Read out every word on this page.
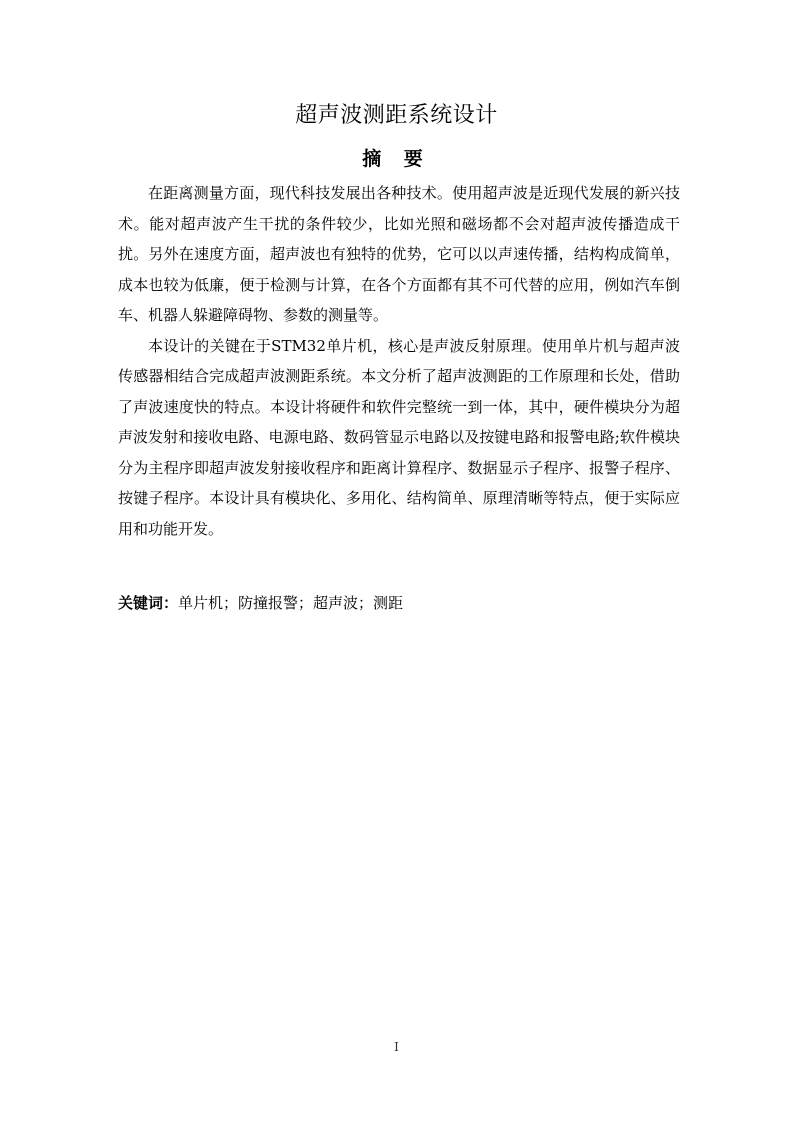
超声波测距系统设计
摘 要

在距离测量方面，现代科技发展出各种技术。使用超声波是近现代发展的新兴技术。能对超声波产生干扰的条件较少，比如光照和磁场都不会对超声波传播造成干扰。另外在速度方面，超声波也有独特的优势，它可以以声速传播，结构构成简单，成本也较为低廉，便于检测与计算，在各个方面都有其不可代替的应用，例如汽车倒车、机器人躲避障碍物、参数的测量等。

本设计的关键在于STM32单片机，核心是声波反射原理。使用单片机与超声波传感器相结合完成超声波测距系统。本文分析了超声波测距的工作原理和长处，借助了声波速度快的特点。本设计将硬件和软件完整统一到一体，其中，硬件模块分为超声波发射和接收电路、电源电路、数码管显示电路以及按键电路和报警电路;软件模块分为主程序即超声波发射接收程序和距离计算程序、数据显示子程序、报警子程序、按键子程序。本设计具有模块化、多用化、结构简单、原理清晰等特点，便于实际应用和功能开发。

关键词：单片机；防撞报警；超声波；测距
I
